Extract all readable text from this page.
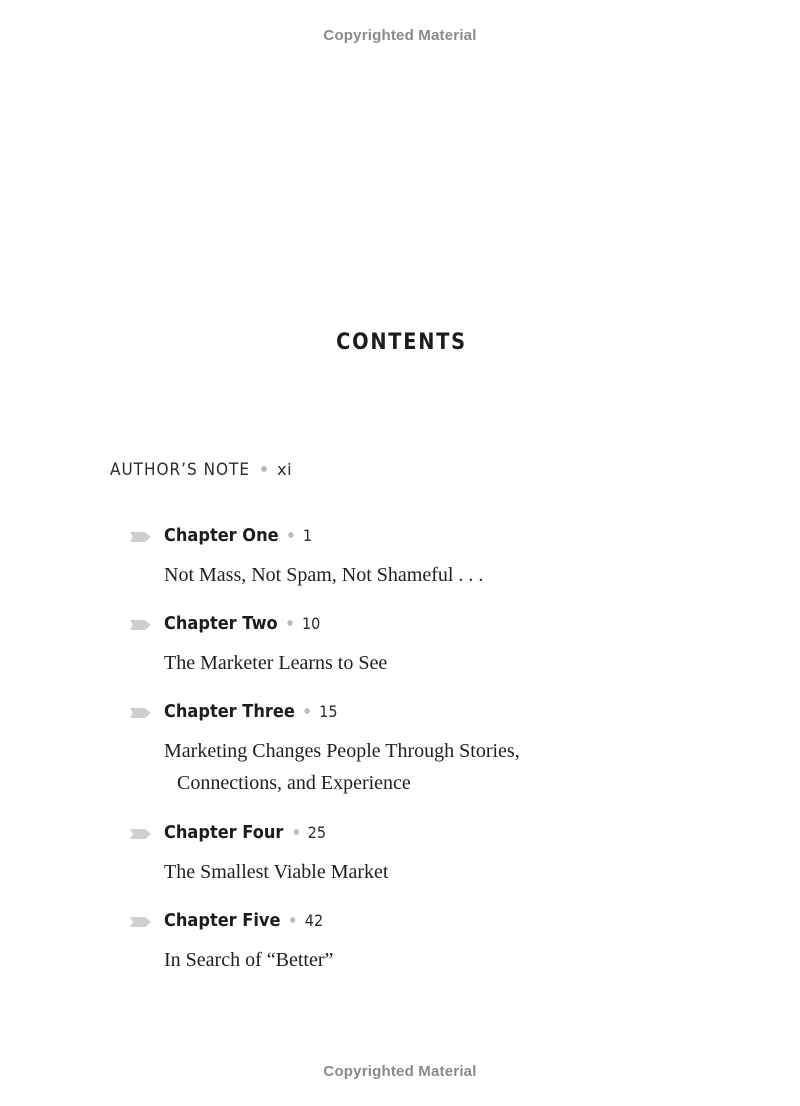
Copyrighted Material
CONTENTS
AUTHOR’S NOTE xi
Chapter One 1
Not Mass, Not Spam, Not Shameful . . .
Chapter Two 10
The Marketer Learns to See
Chapter Three 15
Marketing Changes People Through Stories,
Connections, and Experience
Chapter Four 25
The Smallest Viable Market
Chapter Five 42
In Search of “Better”
Copyrighted Material
